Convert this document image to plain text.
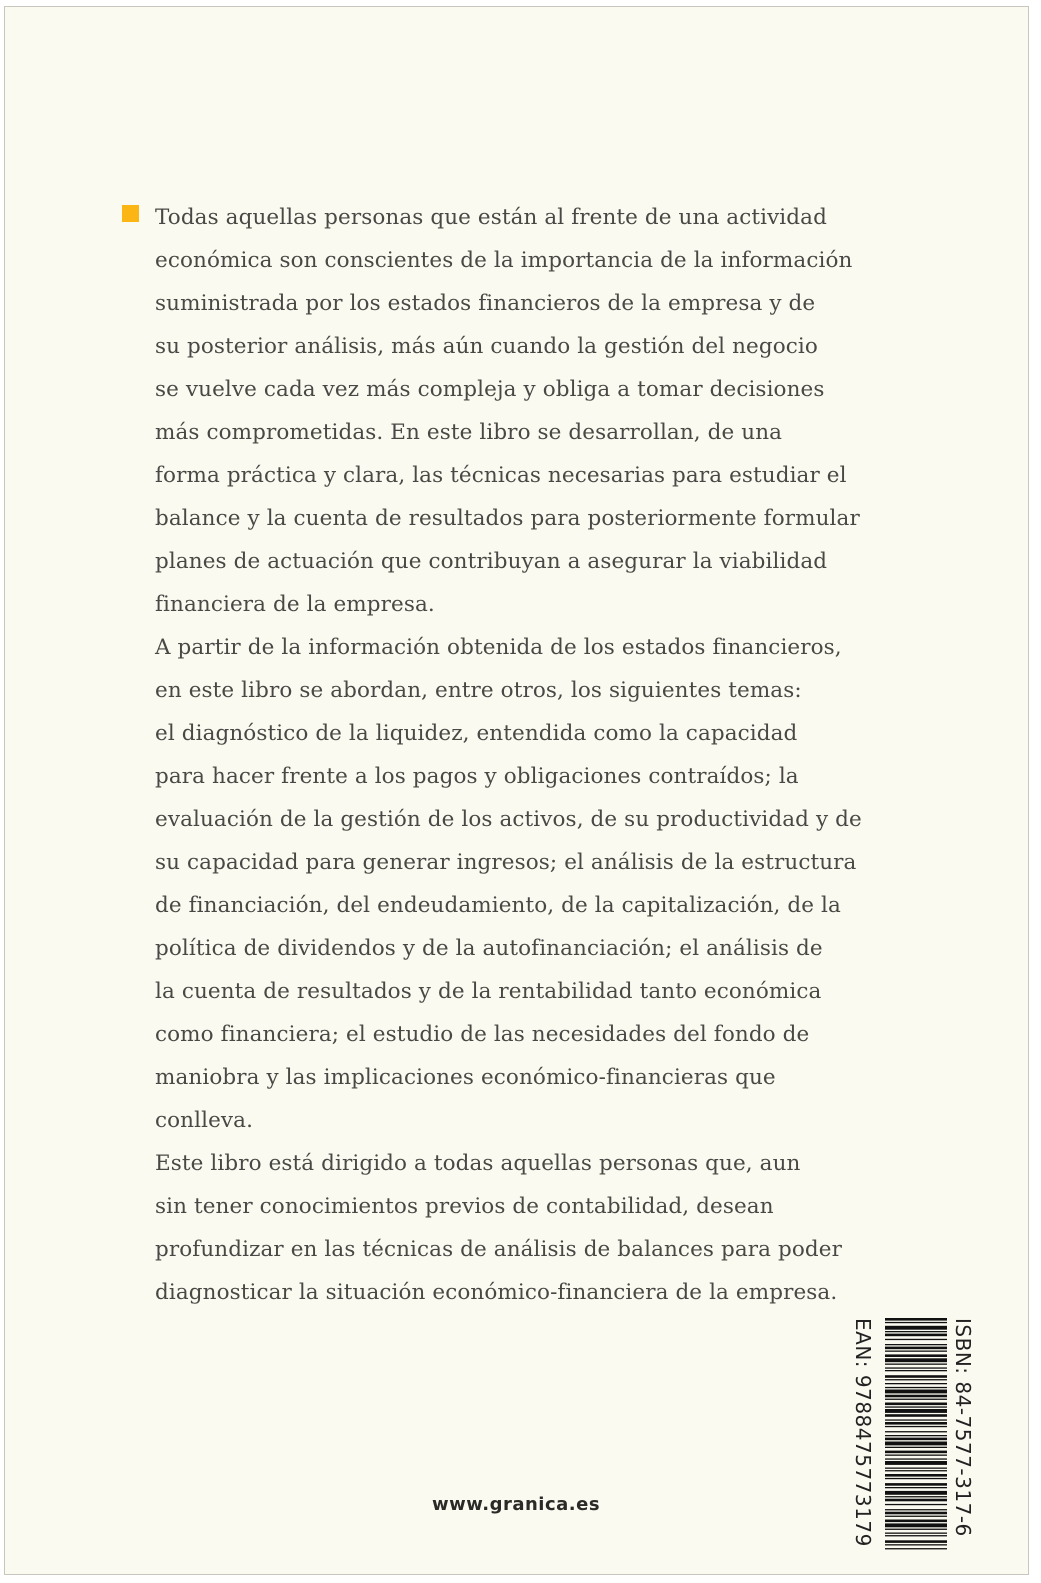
Todas aquellas personas que están al frente de una actividad
económica son conscientes de la importancia de la información
suministrada por los estados financieros de la empresa y de
su posterior análisis, más aún cuando la gestión del negocio
se vuelve cada vez más compleja y obliga a tomar decisiones
más comprometidas. En este libro se desarrollan, de una
forma práctica y clara, las técnicas necesarias para estudiar el
balance y la cuenta de resultados para posteriormente formular
planes de actuación que contribuyan a asegurar la viabilidad
financiera de la empresa.
A partir de la información obtenida de los estados financieros,
en este libro se abordan, entre otros, los siguientes temas:
el diagnóstico de la liquidez, entendida como la capacidad
para hacer frente a los pagos y obligaciones contraídos; la
evaluación de la gestión de los activos, de su productividad y de
su capacidad para generar ingresos; el análisis de la estructura
de financiación, del endeudamiento, de la capitalización, de la
política de dividendos y de la autofinanciación; el análisis de
la cuenta de resultados y de la rentabilidad tanto económica
como financiera; el estudio de las necesidades del fondo de
maniobra y las implicaciones económico-financieras que
conlleva.
Este libro está dirigido a todas aquellas personas que, aun
sin tener conocimientos previos de contabilidad, desean
profundizar en las técnicas de análisis de balances para poder
diagnosticar la situación económico-financiera de la empresa.
EAN: 9788475773179	ISBN: 84-7577-317-6
www.granica.es
